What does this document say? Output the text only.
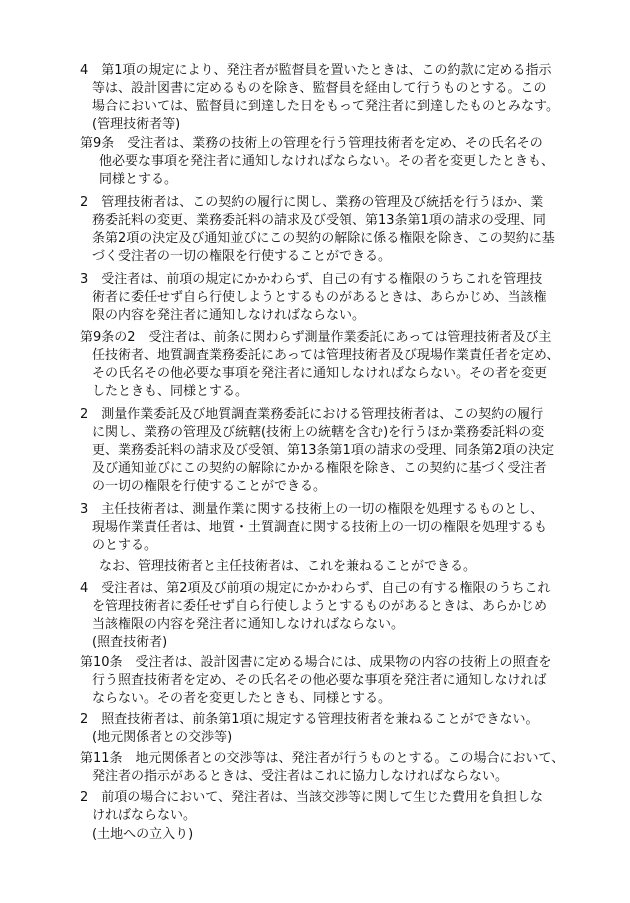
4　第1項の規定により、発注者が監督員を置いたときは、この約款に定める指示
等は、設計図書に定めるものを除き、監督員を経由して行うものとする。この
場合においては、監督員に到達した日をもって発注者に到達したものとみなす。
(管理技術者等)
第9条　受注者は、業務の技術上の管理を行う管理技術者を定め、その氏名その
他必要な事項を発注者に通知しなければならない。その者を変更したときも、
同様とする。
2　管理技術者は、この契約の履行に関し、業務の管理及び統括を行うほか、業
務委託料の変更、業務委託料の請求及び受領、第13条第1項の請求の受理、同
条第2項の決定及び通知並びにこの契約の解除に係る権限を除き、この契約に基
づく受注者の一切の権限を行使することができる。
3　受注者は、前項の規定にかかわらず、自己の有する権限のうちこれを管理技
術者に委任せず自ら行使しようとするものがあるときは、あらかじめ、当該権
限の内容を発注者に通知しなければならない。
第9条の2　受注者は、前条に関わらず測量作業委託にあっては管理技術者及び主
任技術者、地質調査業務委託にあっては管理技術者及び現場作業責任者を定め、
その氏名その他必要な事項を発注者に通知しなければならない。その者を変更
したときも、同様とする。
2　測量作業委託及び地質調査業務委託における管理技術者は、この契約の履行
に関し、業務の管理及び統轄(技術上の統轄を含む)を行うほか業務委託料の変
更、業務委託料の請求及び受領、第13条第1項の請求の受理、同条第2項の決定
及び通知並びにこの契約の解除にかかる権限を除き、この契約に基づく受注者
の一切の権限を行使することができる。
3　主任技術者は、測量作業に関する技術上の一切の権限を処理するものとし、
現場作業責任者は、地質・土質調査に関する技術上の一切の権限を処理するも
のとする。
なお、管理技術者と主任技術者は、これを兼ねることができる。
4　受注者は、第2項及び前項の規定にかかわらず、自己の有する権限のうちこれ
を管理技術者に委任せず自ら行使しようとするものがあるときは、あらかじめ
当該権限の内容を発注者に通知しなければならない。
(照査技術者)
第10条　受注者は、設計図書に定める場合には、成果物の内容の技術上の照査を
行う照査技術者を定め、その氏名その他必要な事項を発注者に通知しなければ
ならない。その者を変更したときも、同様とする。
2　照査技術者は、前条第1項に規定する管理技術者を兼ねることができない。
(地元関係者との交渉等)
第11条　地元関係者との交渉等は、発注者が行うものとする。この場合において、
発注者の指示があるときは、受注者はこれに協力しなければならない。
2　前項の場合において、発注者は、当該交渉等に関して生じた費用を負担しな
ければならない。
(土地への立入り)
